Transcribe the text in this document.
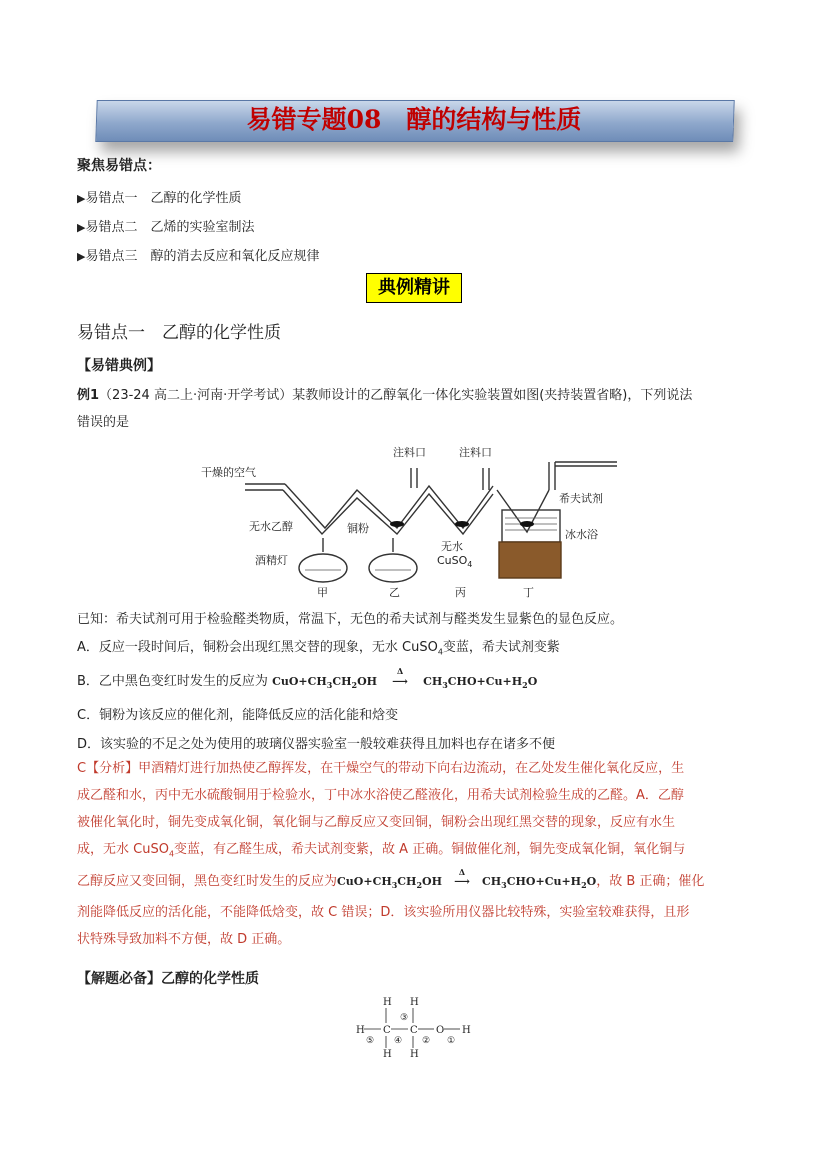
易错专题08　醇的结构与性质
聚焦易错点：
▶易错点一　乙醇的化学性质
▶易错点二　乙烯的实验室制法
▶易错点三　醇的消去反应和氧化反应规律
典例精讲
易错点一　乙醇的化学性质
【易错典例】
例1（23-24 高二上·河南·开学考试）某教师设计的乙醇氧化一体化实验装置如图(夹持装置省略)，下列说法
错误的是
干燥的空气
注料口	注料口
希夫试剂
无水乙醇	铜粉
无水
CuSO$_4$
冰水浴
酒精灯
甲	乙	丙	丁
已知：希夫试剂可用于检验醛类物质，常温下，无色的希夫试剂与醛类发生显紫色的显色反应。
A．反应一段时间后，铜粉会出现红黑交替的现象，无水 CuSO$_4$变蓝，希夫试剂变紫
B．乙中黑色变红时发生的反应为 $CuO+CH_3CH_2OH$
Δ
⟶ $CH_3CHO+Cu+H_2O$
C．铜粉为该反应的催化剂，能降低反应的活化能和焓变
D．该实验的不足之处为使用的玻璃仪器实验室一般较难获得且加料也存在诸多不便
C【分析】甲酒精灯进行加热使乙醇挥发，在干燥空气的带动下向右边流动，在乙处发生催化氧化反应，生
成乙醛和水，丙中无水硫酸铜用于检验水，丁中冰水浴使乙醛液化，用希夫试剂检验生成的乙醛。A．乙醇
被催化氧化时，铜先变成氧化铜，氧化铜与乙醇反应又变回铜，铜粉会出现红黑交替的现象，反应有水生
成，无水 CuSO$_4$变蓝，有乙醛生成，希夫试剂变紫，故 A 正确。铜做催化剂，铜先变成氧化铜，氧化铜与
乙醇反应又变回铜，黑色变红时发生的反应为$CuO+CH_3CH_2OH$
Δ
⟶ $CH_3CHO+Cu+H_2O$，故 B 正确；催化
剂能降低反应的活化能，不能降低焓变，故 C 错误；D．该实验所用仪器比较特殊，实验室较难获得，且形
状特殊导致加料不方便，故 D 正确。
【解题必备】乙醇的化学性质
H H
H C C O H
H H
③
⑤ ④ ② ①
